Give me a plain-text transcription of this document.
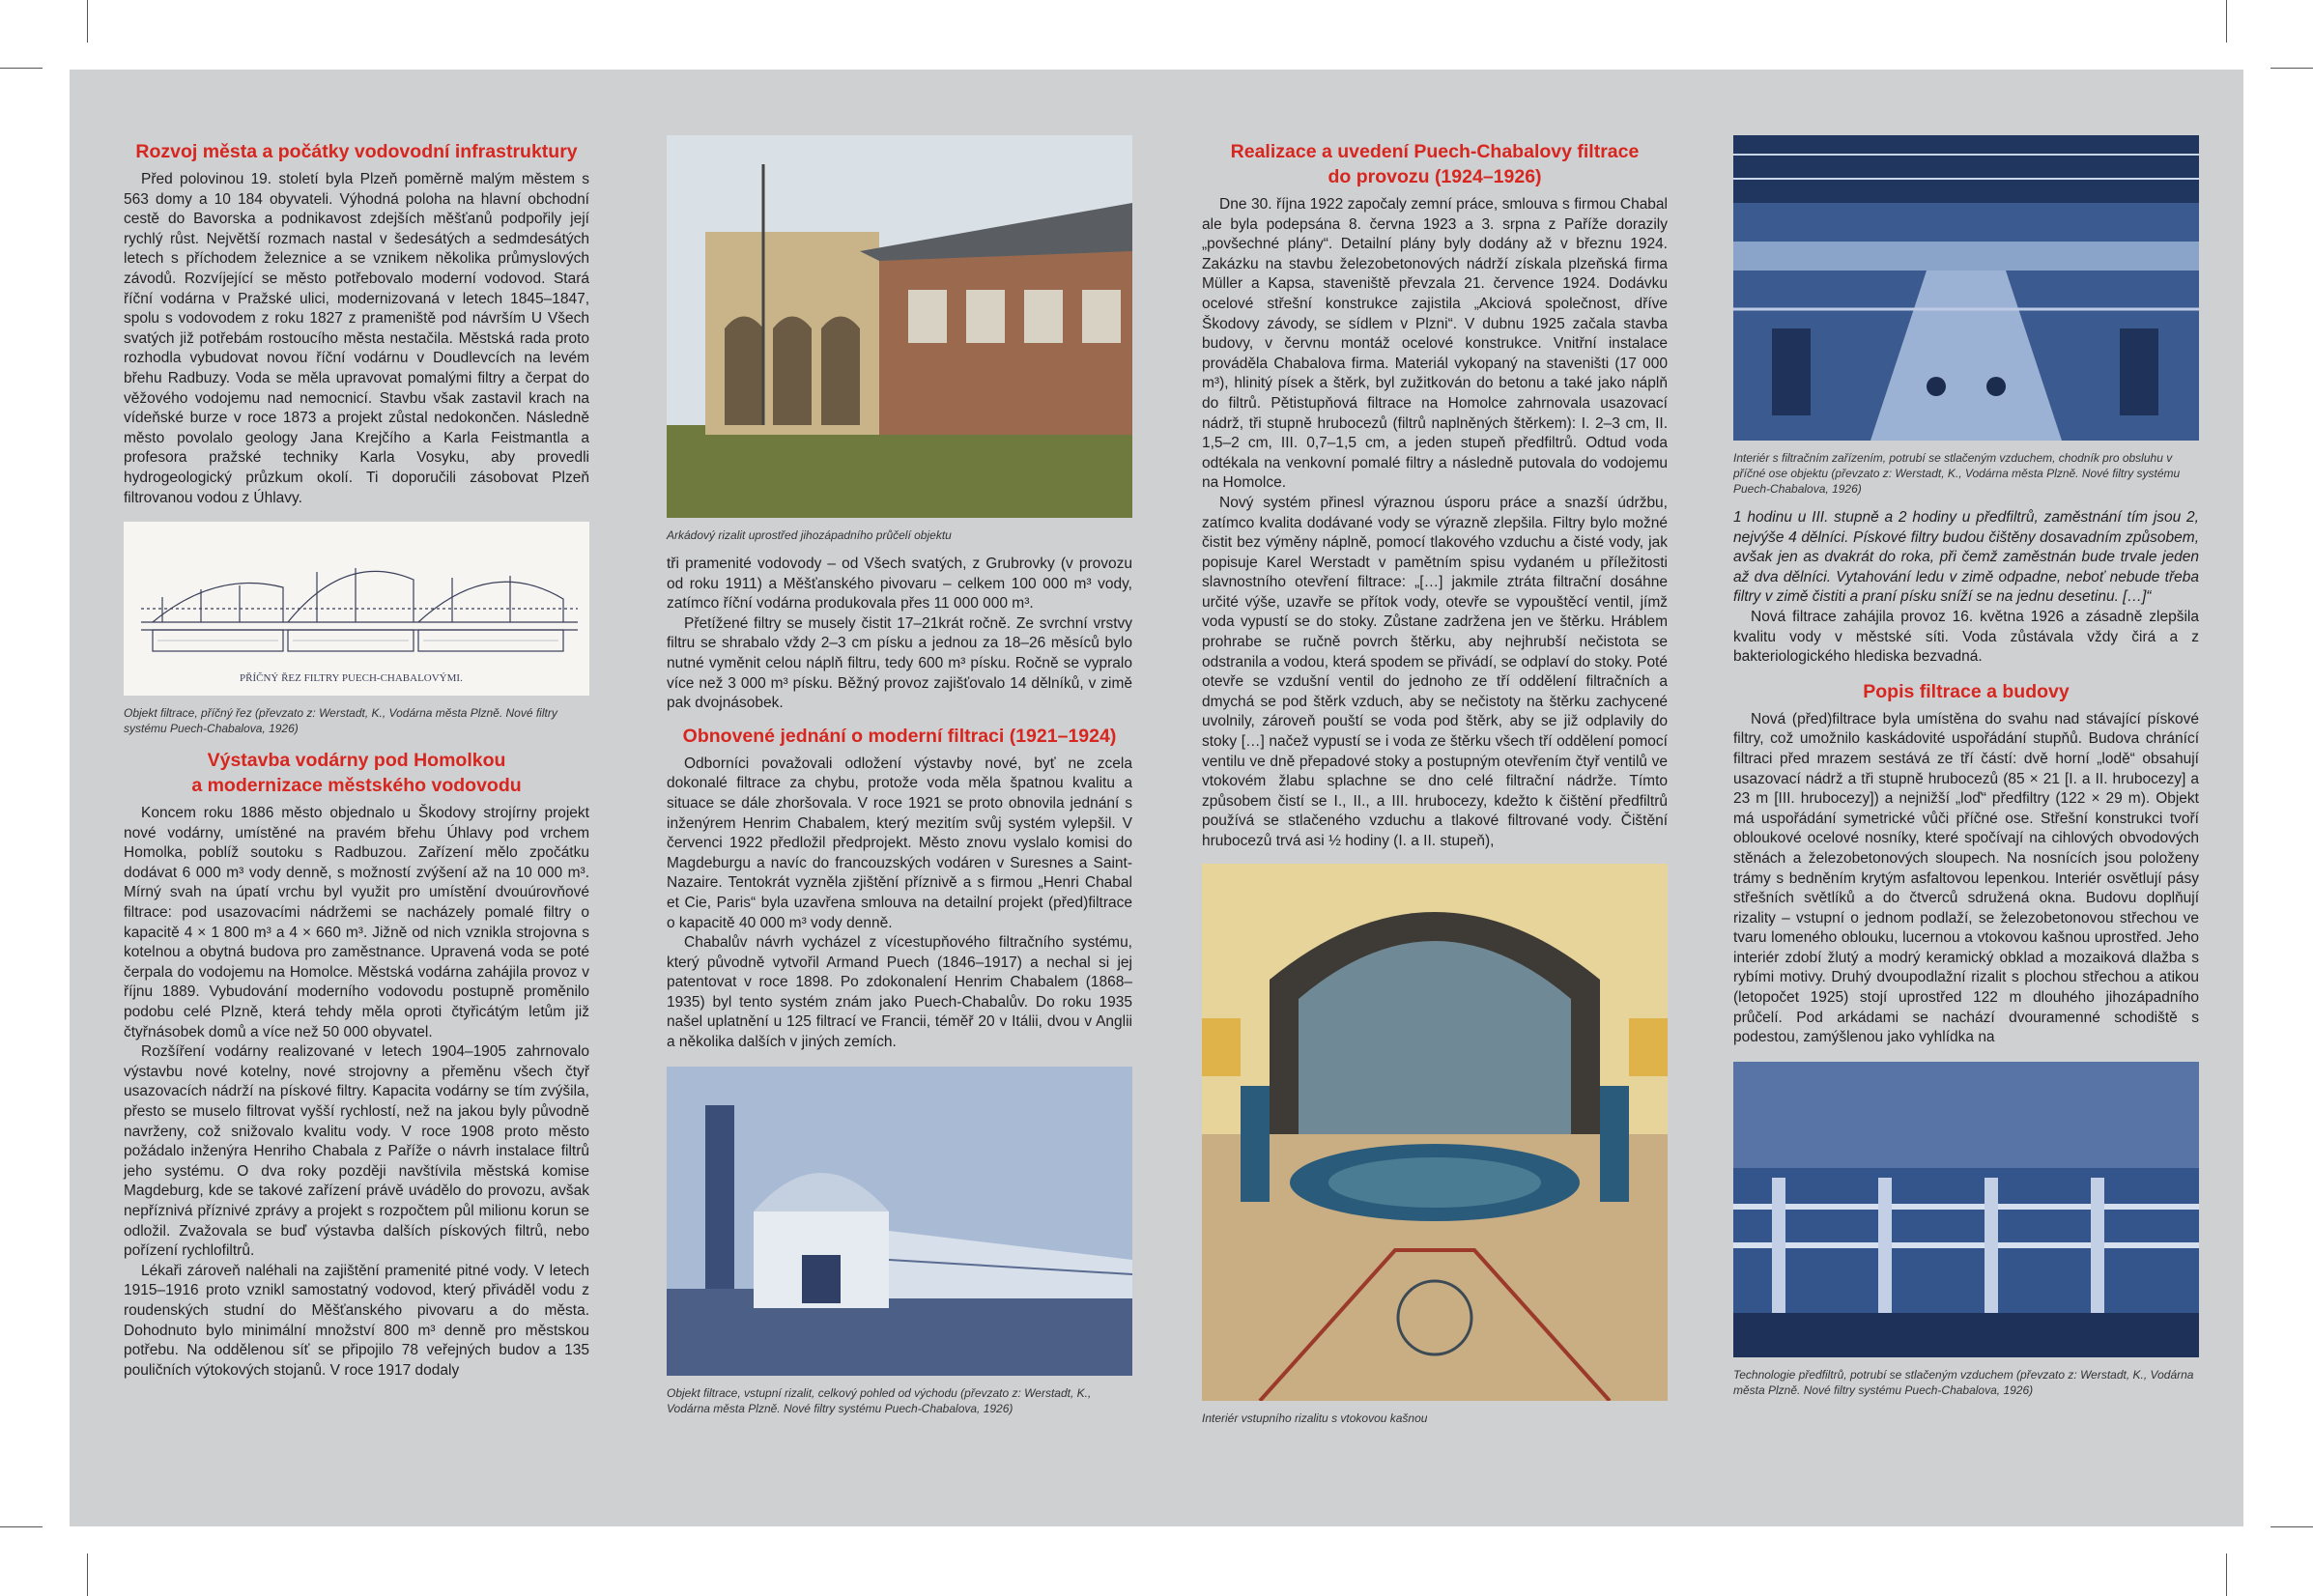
Rozvoj města a počátky vodovodní infrastruktury

Před polovinou 19. století byla Plzeň poměrně malým městem s 563 domy a 10 184 obyvateli. Výhodná poloha na hlavní obchodní cestě do Bavorska a podnikavost zdejších měšťanů podpořily její rychlý růst. Největší rozmach nastal v šedesátých a sedmdesátých letech s příchodem železnice a se vznikem několika průmyslových závodů. Rozvíjející se město potřebovalo moderní vodovod. Stará říční vodárna v Pražské ulici, modernizovaná v letech 1845–1847, spolu s vodovodem z roku 1827 z prameniště pod návrším U Všech svatých již potřebám rostoucího města nestačila. Městská rada proto rozhodla vybudovat novou říční vodárnu v Doudlevcích na levém břehu Radbuzy. Voda se měla upravovat pomalými filtry a čerpat do věžového vodojemu nad nemocnicí. Stavbu však zastavil krach na vídeňské burze v roce 1873 a projekt zůstal nedokončen. Následně město povolalo geology Jana Krejčího a Karla Feistmantla a profesora pražské techniky Karla Vosyku, aby provedli hydrogeologický průzkum okolí. Ti doporučili zásobovat Plzeň filtrovanou vodou z Úhlavy.

PŘÍČNÝ ŘEZ FILTRY PUECH-CHABALOVÝMI.
Objekt filtrace, příčný řez (převzato z: Werstadt, K., Vodárna města Plzně. Nové filtry systému Puech-Chabalova, 1926)
Výstavba vodárny pod Homolkou
a modernizace městského vodovodu

Koncem roku 1886 město objednalo u Škodovy strojírny projekt nové vodárny, umístěné na pravém břehu Úhlavy pod vrchem Homolka, poblíž soutoku s Radbuzou. Zařízení mělo zpočátku dodávat 6 000 m³ vody denně, s možností zvýšení až na 10 000 m³. Mírný svah na úpatí vrchu byl využit pro umístění dvouúrovňové filtrace: pod usazovacími nádržemi se nacházely pomalé filtry o kapacitě 4 × 1 800 m³ a 4 × 660 m³. Jižně od nich vznikla strojovna s kotelnou a obytná budova pro zaměstnance. Upravená voda se poté čerpala do vodojemu na Homolce. Městská vodárna zahájila provoz v říjnu 1889. Vybudování moderního vodovodu postupně proměnilo podobu celé Plzně, která tehdy měla oproti čtyřicátým letům již čtyřnásobek domů a více než 50 000 obyvatel.

Rozšíření vodárny realizované v letech 1904–1905 zahrnovalo výstavbu nové kotelny, nové strojovny a přeměnu všech čtyř usazovacích nádrží na pískové filtry. Kapacita vodárny se tím zvýšila, přesto se muselo filtrovat vyšší rychlostí, než na jakou byly původně navrženy, což snižovalo kvalitu vody. V roce 1908 proto město požádalo inženýra Henriho Chabala z Paříže o návrh instalace filtrů jeho systému. O dva roky později navštívila městská komise Magdeburg, kde se takové zařízení právě uvádělo do provozu, avšak nepříznivá příznivé zprávy a projekt s rozpočtem půl milionu korun se odložil. Zvažovala se buď výstavba dalších pískových filtrů, nebo pořízení rychlofiltrů.

Lékaři zároveň naléhali na zajištění pramenité pitné vody. V letech 1915–1916 proto vznikl samostatný vodovod, který přiváděl vodu z roudenských studní do Měšťanského pivovaru a do města. Dohodnuto bylo minimální množství 800 m³ denně pro městskou potřebu. Na oddělenou síť se připojilo 78 veřejných budov a 135 pouličních výtokových stojanů. V roce 1917 dodaly

Arkádový rizalit uprostřed jihozápadního průčelí objektu

tři pramenité vodovody – od Všech svatých, z Grubrovky (v provozu od roku 1911) a Měšťanského pivovaru – celkem 100 000 m³ vody, zatímco říční vodárna produkovala přes 11 000 000 m³.

Přetížené filtry se musely čistit 17–21krát ročně. Ze svrchní vrstvy filtru se shrabalo vždy 2–3 cm písku a jednou za 18–26 měsíců bylo nutné vyměnit celou náplň filtru, tedy 600 m³ písku. Ročně se vypralo více než 3 000 m³ písku. Běžný provoz zajišťovalo 14 dělníků, v zimě pak dvojnásobek.

Obnovené jednání o moderní filtraci (1921–1924)

Odborníci považovali odložení výstavby nové, byť ne zcela dokonalé filtrace za chybu, protože voda měla špatnou kvalitu a situace se dále zhoršovala. V roce 1921 se proto obnovila jednání s inženýrem Henrim Chabalem, který mezitím svůj systém vylepšil. V červenci 1922 předložil předprojekt. Město znovu vyslalo komisi do Magdeburgu a navíc do francouzských vodáren v Suresnes a Saint-Nazaire. Tentokrát vyzněla zjištění příznivě a s firmou „Henri Chabal et Cie, Paris“ byla uzavřena smlouva na detailní projekt (před)filtrace o kapacitě 40 000 m³ vody denně.

Chabalův návrh vycházel z vícestupňového filtračního systému, který původně vytvořil Armand Puech (1846–1917) a nechal si jej patentovat v roce 1898. Po zdokonalení Henrim Chabalem (1868–1935) byl tento systém znám jako Puech-Chabalův. Do roku 1935 našel uplatnění u 125 filtrací ve Francii, téměř 20 v Itálii, dvou v Anglii a několika dalších v jiných zemích.

Objekt filtrace, vstupní rizalit, celkový pohled od východu (převzato z: Werstadt, K., Vodárna města Plzně. Nové filtry systému Puech-Chabalova, 1926)
Realizace a uvedení Puech-Chabalovy filtrace
do provozu (1924–1926)

Dne 30. října 1922 započaly zemní práce, smlouva s firmou Chabal ale byla podepsána 8. června 1923 a 3. srpna z Paříže dorazily „povšechné plány“. Detailní plány byly dodány až v březnu 1924. Zakázku na stavbu železobetonových nádrží získala plzeňská firma Müller a Kapsa, staveniště převzala 21. července 1924. Dodávku ocelové střešní konstrukce zajistila „Akciová společnost, dříve Škodovy závody, se sídlem v Plzni“. V dubnu 1925 začala stavba budovy, v červnu montáž ocelové konstrukce. Vnitřní instalace prováděla Chabalova firma. Materiál vykopaný na staveništi (17 000 m³), hlinitý písek a štěrk, byl zužitkován do betonu a také jako náplň do filtrů. Pětistupňová filtrace na Homolce zahrnovala usazovací nádrž, tři stupně hrubocezů (filtrů naplněných štěrkem): I. 2–3 cm, II. 1,5–2 cm, III. 0,7–1,5 cm, a jeden stupeň předfiltrů. Odtud voda odtékala na venkovní pomalé filtry a následně putovala do vodojemu na Homolce.

Nový systém přinesl výraznou úsporu práce a snazší údržbu, zatímco kvalita dodávané vody se výrazně zlepšila. Filtry bylo možné čistit bez výměny náplně, pomocí tlakového vzduchu a čisté vody, jak popisuje Karel Werstadt v pamětním spisu vydaném u příležitosti slavnostního otevření filtrace: „[…] jakmile ztráta filtrační dosáhne určité výše, uzavře se přítok vody, otevře se vypouštěcí ventil, jímž voda vypustí se do stoky. Zůstane zadržena jen ve štěrku. Hráblem prohrabe se ručně povrch štěrku, aby nejhrubší nečistota se odstranila a vodou, která spodem se přivádí, se odplaví do stoky. Poté otevře se vzdušní ventil do jednoho ze tří oddělení filtračních a dmychá se pod štěrk vzduch, aby se nečistoty na štěrku zachycené uvolnily, zároveň pouští se voda pod štěrk, aby se již odplavily do stoky […] načež vypustí se i voda ze štěrku všech tří oddělení pomocí ventilu ve dně přepadové stoky a postupným otevřením čtyř ventilů ve vtokovém žlabu splachne se dno celé filtrační nádrže. Tímto způsobem čistí se I., II., a III. hrubocezy, kdežto k čištění předfiltrů používá se stlačeného vzduchu a tlakové filtrované vody. Čištění hrubocezů trvá asi ½ hodiny (I. a II. stupeň),

Interiér vstupního rizalitu s vtokovou kašnou
Interiér s filtračním zařízením, potrubí se stlačeným vzduchem, chodník pro obsluhu v příčné ose objektu (převzato z: Werstadt, K., Vodárna města Plzně. Nové filtry systému Puech-Chabalova, 1926)

1 hodinu u III. stupně a 2 hodiny u předfiltrů, zaměstnání tím jsou 2, nejvýše 4 dělníci. Pískové filtry budou čištěny dosavadním způsobem, avšak jen as dvakrát do roka, při čemž zaměstnán bude trvale jeden až dva dělníci. Vytahování ledu v zimě odpadne, neboť nebude třeba filtry v zimě čistiti a praní písku sníží se na jednu desetinu. […]“

Nová filtrace zahájila provoz 16. května 1926 a zásadně zlepšila kvalitu vody v městské síti. Voda zůstávala vždy čirá a z bakteriologického hlediska bezvadná.

Popis filtrace a budovy

Nová (před)filtrace byla umístěna do svahu nad stávající pískové filtry, což umožnilo kaskádovité uspořádání stupňů. Budova chránící filtraci před mrazem sestává ze tří částí: dvě horní „lodě“ obsahují usazovací nádrž a tři stupně hrubocezů (85 × 21 [I. a II. hrubocezy] a 23 m [III. hrubocezy]) a nejnižší „loď“ předfiltry (122 × 29 m). Objekt má uspořádání symetrické vůči příčné ose. Střešní konstrukci tvoří obloukové ocelové nosníky, které spočívají na cihlových obvodových stěnách a železobetonových sloupech. Na nosnících jsou položeny trámy s bedněním krytým asfaltovou lepenkou. Interiér osvětlují pásy střešních světlíků a do čtverců sdružená okna. Budovu doplňují rizality – vstupní o jednom podlaží, se železobetonovou střechou ve tvaru lomeného oblouku, lucernou a vtokovou kašnou uprostřed. Jeho interiér zdobí žlutý a modrý keramický obklad a mozaiková dlažba s rybími motivy. Druhý dvoupodlažní rizalit s plochou střechou a atikou (letopočet 1925) stojí uprostřed 122 m dlouhého jihozápadního průčelí. Pod arkádami se nachází dvouramenné schodiště s podestou, zamýšlenou jako vyhlídka na

Technologie předfiltrů, potrubí se stlačeným vzduchem (převzato z: Werstadt, K., Vodárna města Plzně. Nové filtry systému Puech-Chabalova, 1926)
